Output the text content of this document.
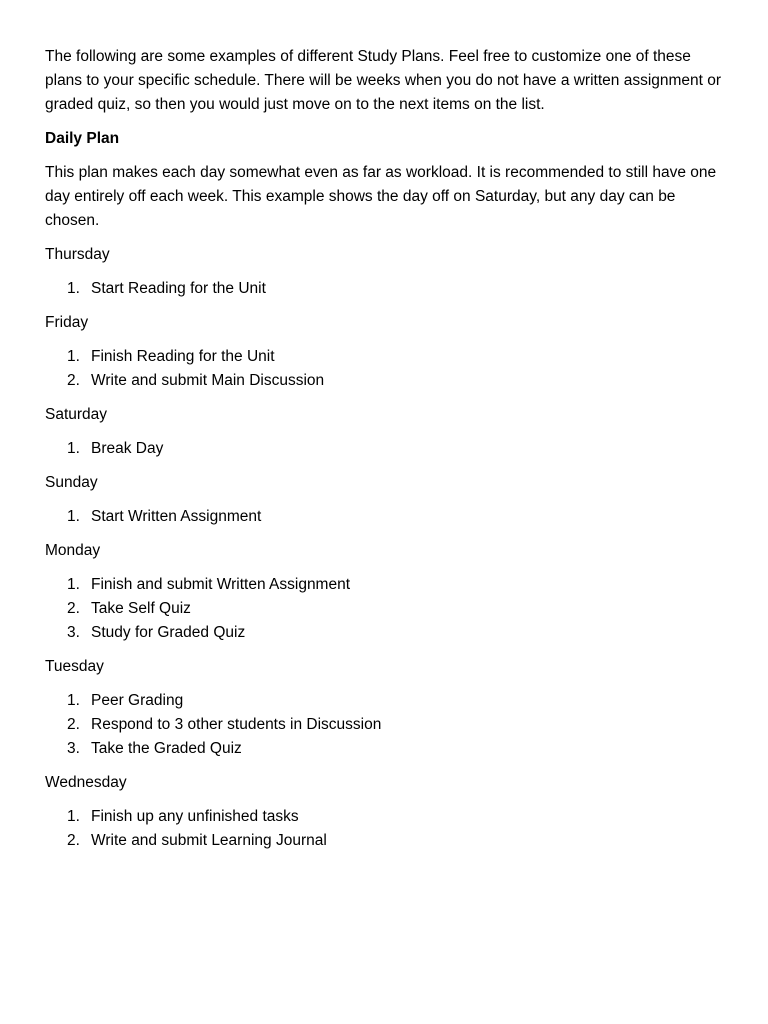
The following are some examples of different Study Plans. Feel free to customize one of these plans to your specific schedule. There will be weeks when you do not have a written assignment or graded quiz, so then you would just move on to the next items on the list.

Daily Plan

This plan makes each day somewhat even as far as workload. It is recommended to still have one day entirely off each week. This example shows the day off on Saturday, but any day can be chosen.

Thursday

1. Start Reading for the Unit

Friday

1. Finish Reading for the Unit
2. Write and submit Main Discussion

Saturday

1. Break Day

Sunday

1. Start Written Assignment

Monday

1. Finish and submit Written Assignment
2. Take Self Quiz
3. Study for Graded Quiz

Tuesday

1. Peer Grading
2. Respond to 3 other students in Discussion
3. Take the Graded Quiz

Wednesday

1. Finish up any unfinished tasks
2. Write and submit Learning Journal
